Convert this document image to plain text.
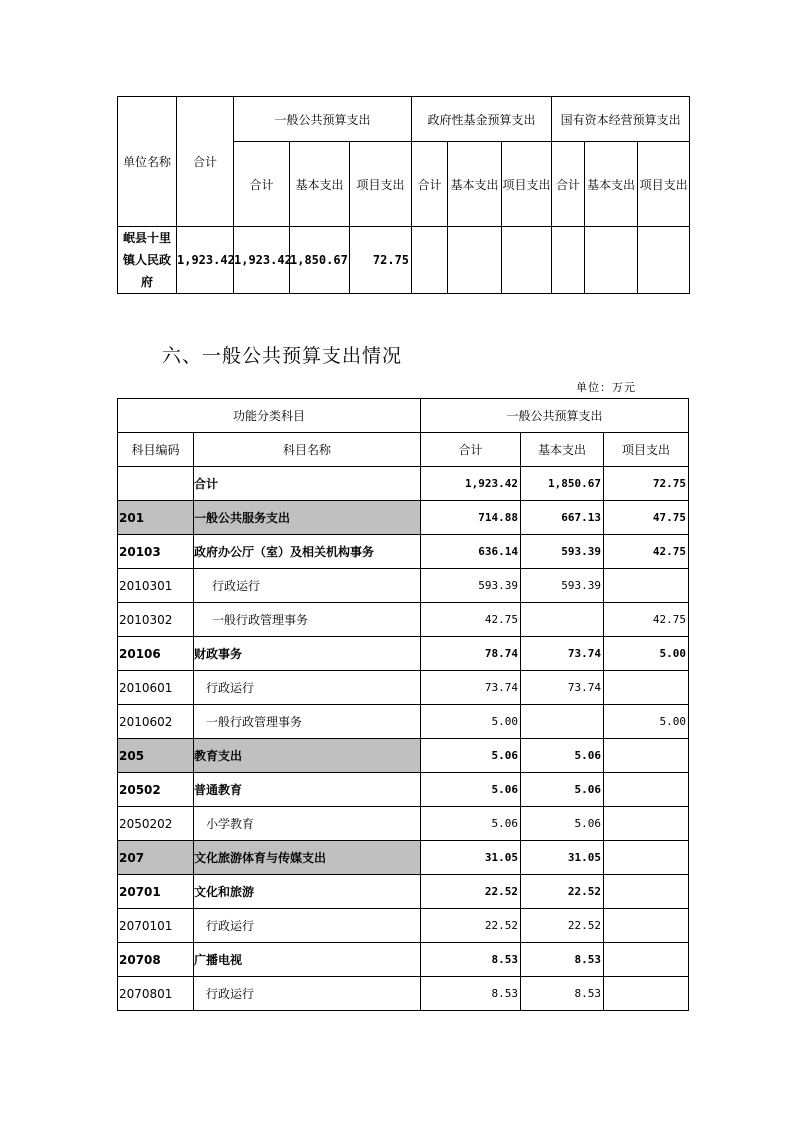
单位名称	合计	一般公共预算支出			政府性基金预算支出			国有资本经营预算支出		
		合计	基本支出	项目支出	合计	基本支出	项目支出	合计	基本支出	项目支出
岷县十里
镇人民政
府	1,923.42	1,923.42	1,850.67	72.75						
六、一般公共预算支出情况
单位：万元
功能分类科目		一般公共预算支出		
科目编码	科目名称	合计	基本支出	项目支出
	合计	1,923.42	1,850.67	72.75
201	一般公共服务支出	714.88	667.13	47.75
20103	政府办公厅（室）及相关机构事务	636.14	593.39	42.75
2010301	行政运行	593.39	593.39	
2010302	一般行政管理事务	42.75		42.75
20106	财政事务	78.74	73.74	5.00
2010601	行政运行	73.74	73.74	
2010602	一般行政管理事务	5.00		5.00
205	教育支出	5.06	5.06	
20502	普通教育	5.06	5.06	
2050202	小学教育	5.06	5.06	
207	文化旅游体育与传媒支出	31.05	31.05	
20701	文化和旅游	22.52	22.52	
2070101	行政运行	22.52	22.52	
20708	广播电视	8.53	8.53	
2070801	行政运行	8.53	8.53	
